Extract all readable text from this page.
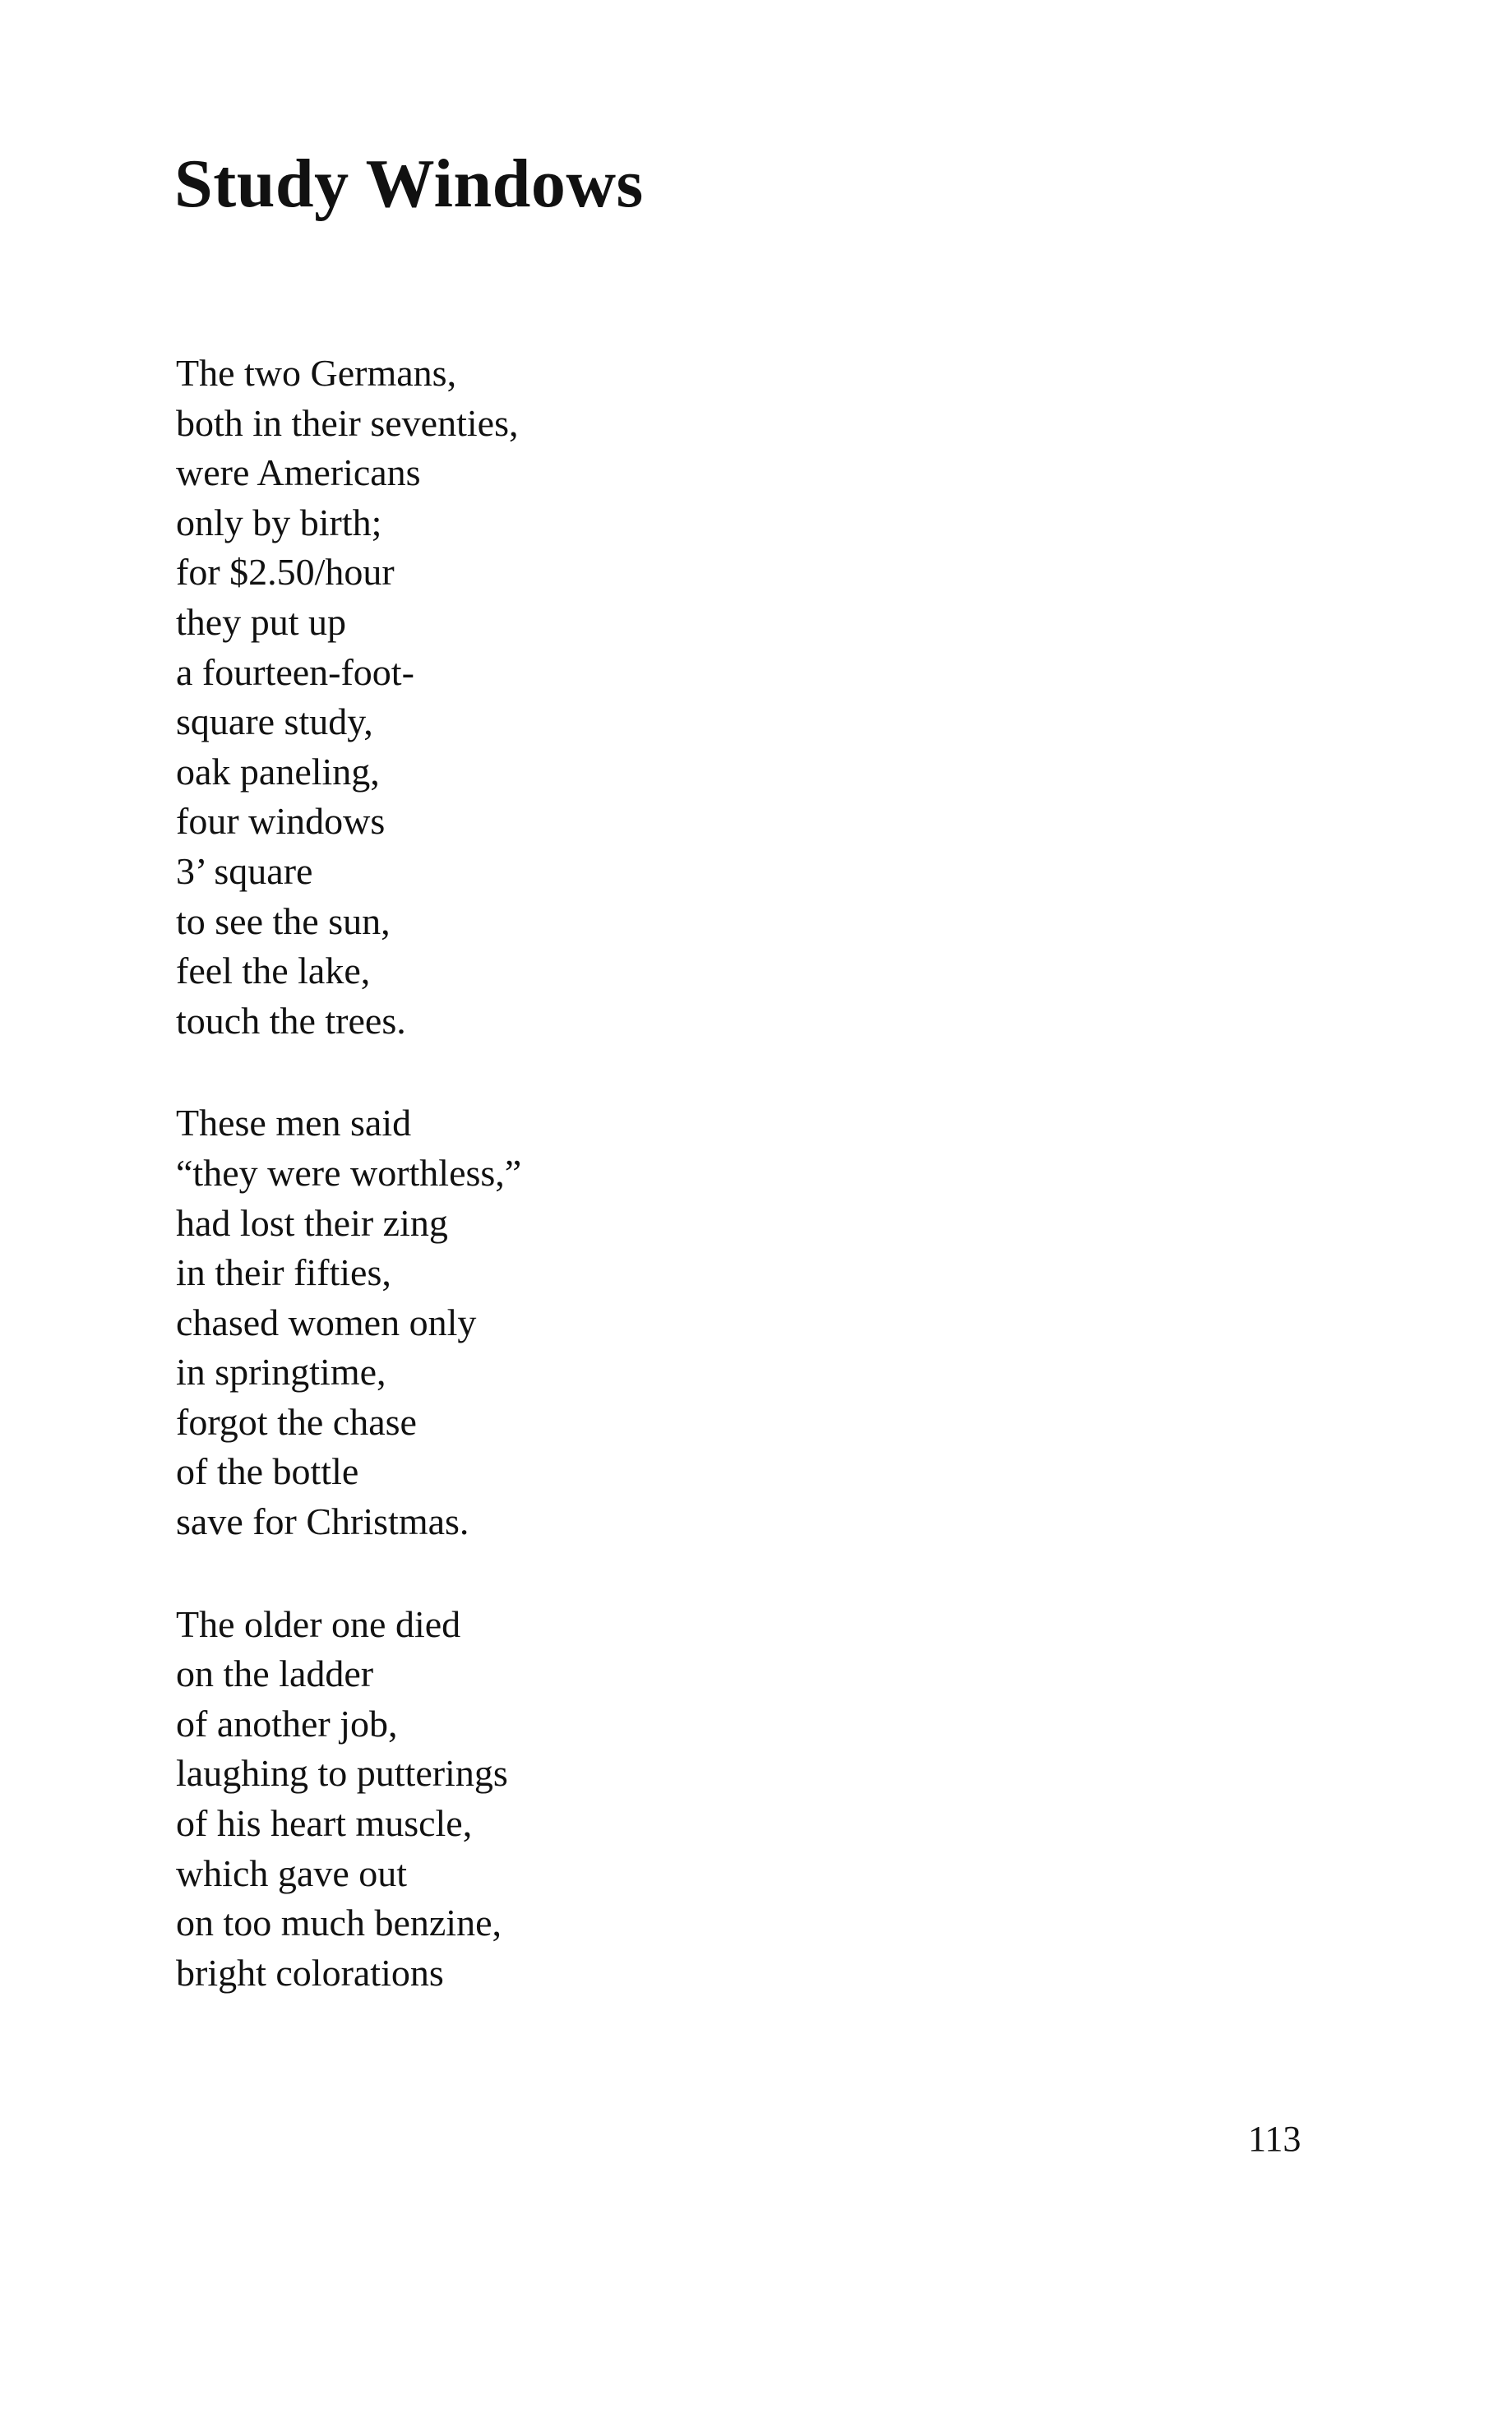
Study Windows
The two Germans,
both in their seventies,
were Americans
only by birth;
for $2.50/hour
they put up
a fourteen-foot-
square study,
oak paneling,
four windows
3’ square
to see the sun,
feel the lake,
touch the trees.
These men said
“they were worthless,”
had lost their zing
in their fifties,
chased women only
in springtime,
forgot the chase
of the bottle
save for Christmas.
The older one died
on the ladder
of another job,
laughing to putterings
of his heart muscle,
which gave out
on too much benzine,
bright colorations
113
